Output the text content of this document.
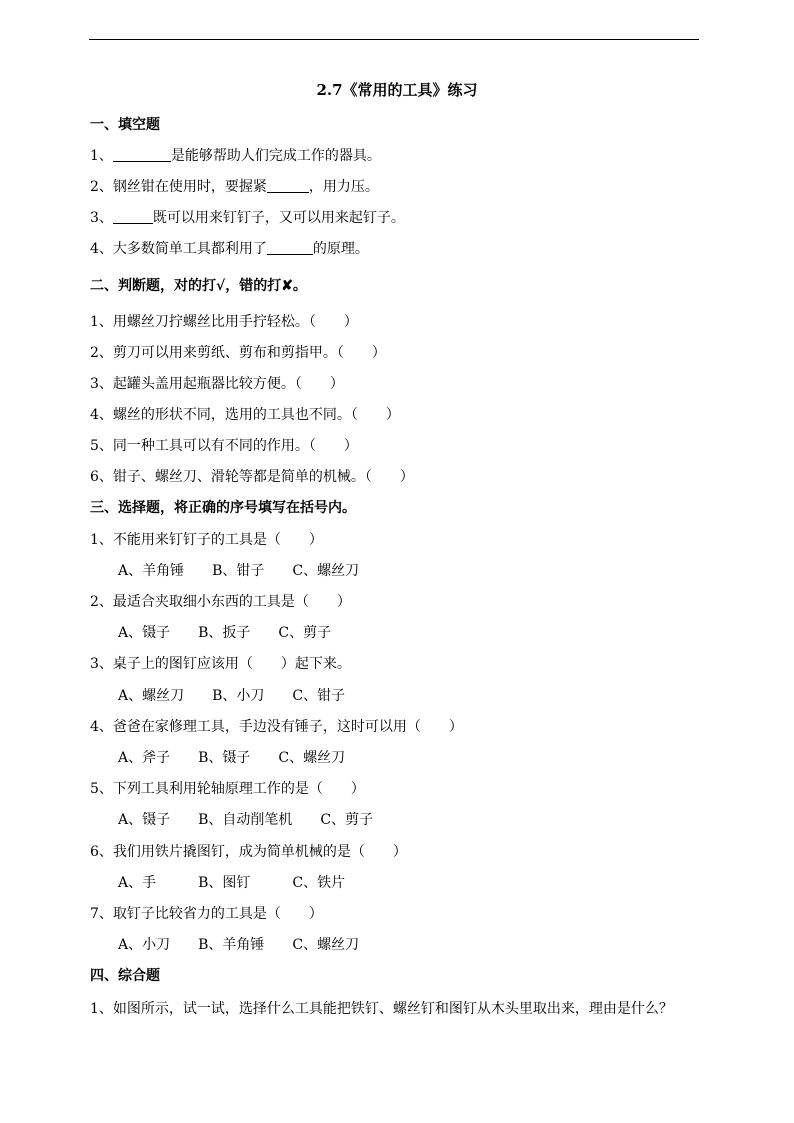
2.7《常用的工具》练习
一、填空题
1、	是能够帮助人们完成工作的器具。
2、钢丝钳在使用时，要握紧	，用力压。
3、	既可以用来钉钉子，又可以用来起钉子。
4、大多数简单工具都利用了	的原理。
二、判断题，对的打√，错的打✘。
1、用螺丝刀拧螺丝比用手拧轻松。（　　）
2、剪刀可以用来剪纸、剪布和剪指甲。（　　）
3、起罐头盖用起瓶器比较方便。（　　）
4、螺丝的形状不同，选用的工具也不同。（　　）
5、同一种工具可以有不同的作用。（　　）
6、钳子、螺丝刀、滑轮等都是简单的机械。（　　）
三、选择题，将正确的序号填写在括号内。
1、不能用来钉钉子的工具是（　　）
A、羊角锤　　B、钳子　　C、螺丝刀
2、最适合夹取细小东西的工具是（　　）
A、镊子　　B、扳子　　C、剪子
3、桌子上的图钉应该用（　　）起下来。
A、螺丝刀　　B、小刀　　C、钳子
4、爸爸在家修理工具，手边没有锤子，这时可以用（　　）
A、斧子　　B、镊子　　C、螺丝刀
5、下列工具利用轮轴原理工作的是（　　）
A、镊子　　B、自动削笔机　　C、剪子
6、我们用铁片撬图钉，成为简单机械的是（　　）
A、手　　　B、图钉　　　C、铁片
7、取钉子比较省力的工具是（　　）
A、小刀　　B、羊角锤　　C、螺丝刀
四、综合题
1、如图所示，试一试，选择什么工具能把铁钉、螺丝钉和图钉从木头里取出来，理由是什么？
